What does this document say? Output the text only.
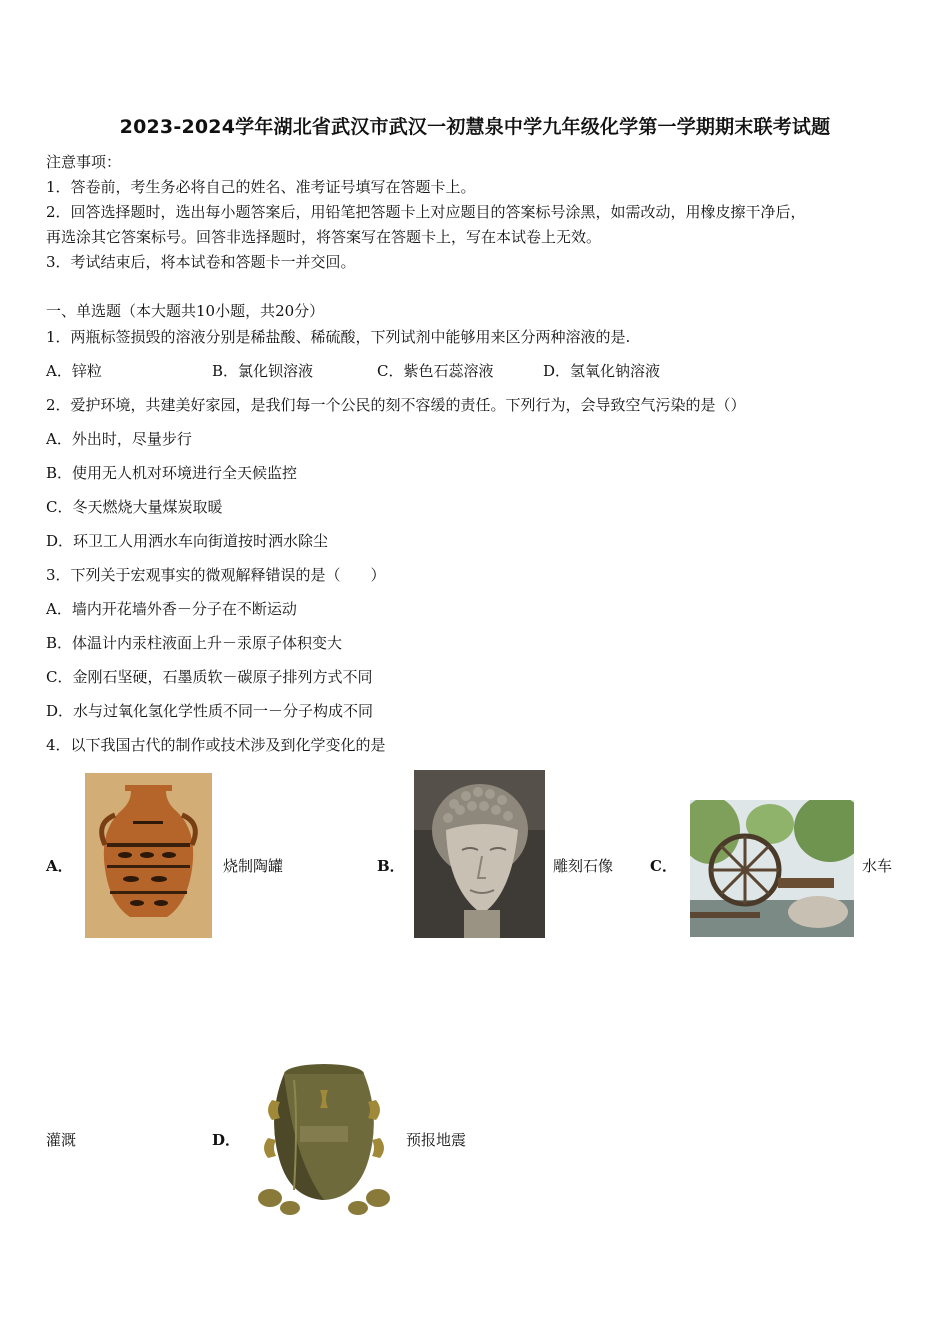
2023-2024学年湖北省武汉市武汉一初慧泉中学九年级化学第一学期期末联考试题
注意事项：
1．答卷前，考生务必将自己的姓名、准考证号填写在答题卡上。
2．回答选择题时，选出每小题答案后，用铅笔把答题卡上对应题目的答案标号涂黑，如需改动，用橡皮擦干净后，
再选涂其它答案标号。回答非选择题时，将答案写在答题卡上，写在本试卷上无效。
3．考试结束后，将本试卷和答题卡一并交回。
一、单选题（本大题共10小题，共20分）
1．两瓶标签损毁的溶液分别是稀盐酸、稀硫酸，下列试剂中能够用来区分两种溶液的是.
A．锌粒	B．氯化钡溶液	C．紫色石蕊溶液	D．氢氧化钠溶液
2．爱护环境，共建美好家园，是我们每一个公民的刻不容缓的责任。下列行为，会导致空气污染的是（）
A．外出时，尽量步行
B．使用无人机对环境进行全天候监控
C．冬天燃烧大量煤炭取暖
D．环卫工人用洒水车向街道按时洒水除尘
3．下列关于宏观事实的微观解释错误的是（　　）
A．墙内开花墙外香－分子在不断运动
B．体温计内汞柱液面上升－汞原子体积变大
C．金刚石坚硬，石墨质软－碳原子排列方式不同
D．水与过氧化氢化学性质不同一－分子构成不同
4．以下我国古代的制作或技术涉及到化学变化的是
A．	烧制陶罐	B．	雕刻石像 C．	水车
灌溉	D．	预报地震
